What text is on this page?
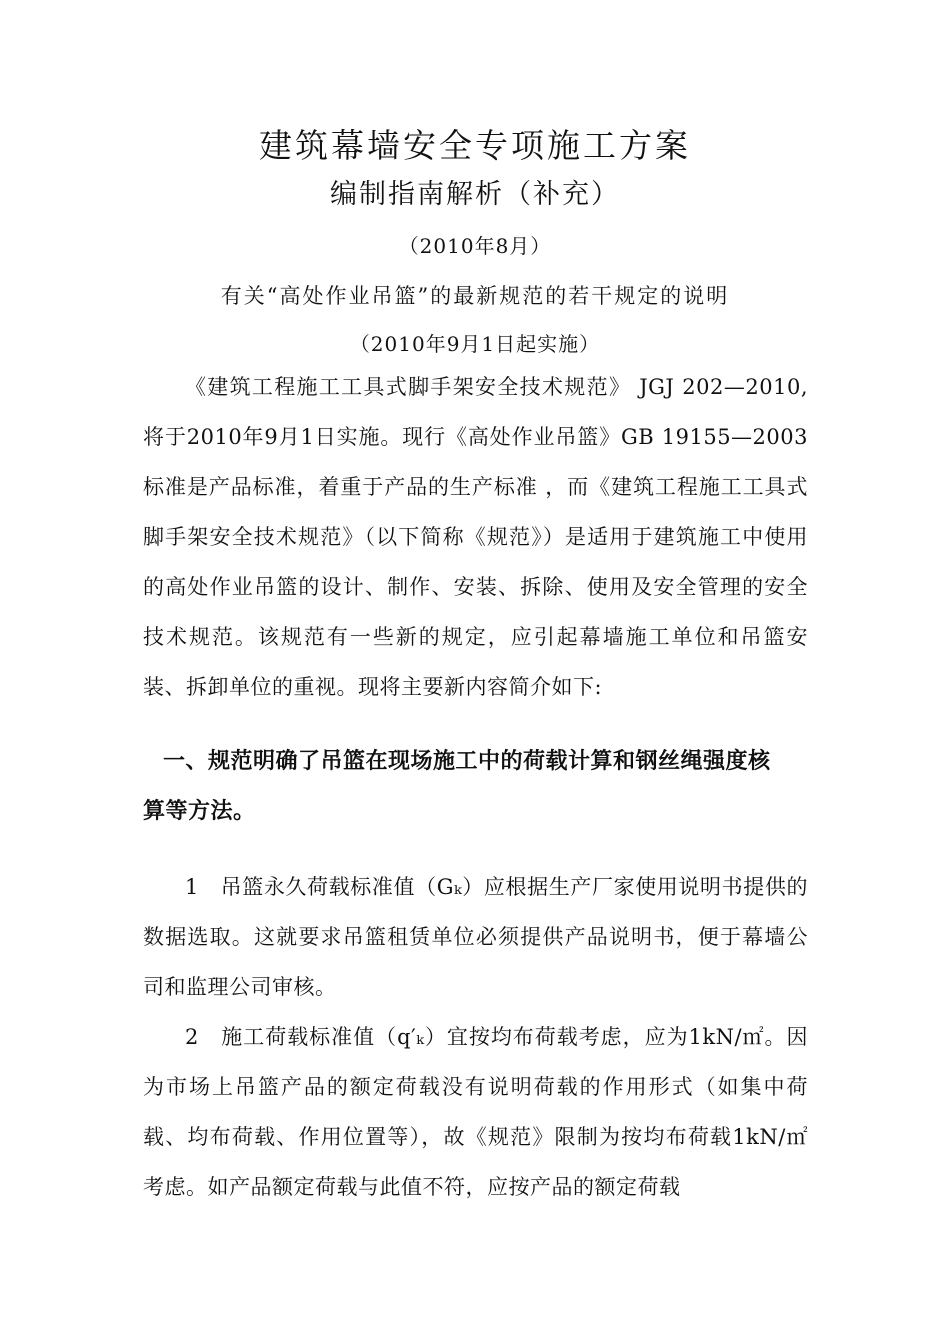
建筑幕墙安全专项施工方案
编制指南解析（补充）
（2010年8月）
有关“高处作业吊篮”的最新规范的若干规定的说明
（2010年9月1日起实施）

《建筑工程施工工具式脚手架安全技术规范》 JGJ 202—2010,将于2010年9月1日实施。现行《高处作业吊篮》GB 19155—2003标准是产品标准，着重于产品的生产标准 ，而《建筑工程施工工具式脚手架安全技术规范》（以下简称《规范》）是适用于建筑施工中使用的高处作业吊篮的设计、制作、安装、拆除、使用及安全管理的安全技术规范。该规范有一些新的规定，应引起幕墙施工单位和吊篮安装、拆卸单位的重视。现将主要新内容简介如下:

一、规范明确了吊篮在现场施工中的荷载计算和钢丝绳强度核

算等方法。

1　吊篮永久荷载标准值（Gₖ）应根据生产厂家使用说明书提供的数据选取。这就要求吊篮租赁单位必须提供产品说明书，便于幕墙公司和监理公司审核。

2　施工荷载标准值（q′ₖ）宜按均布荷载考虑，应为1kN/㎡。因为市场上吊篮产品的额定荷载没有说明荷载的作用形式（如集中荷载、均布荷载、作用位置等），故《规范》限制为按均布荷载1kN/㎡考虑。如产品额定荷载与此值不符，应按产品的额定荷载
